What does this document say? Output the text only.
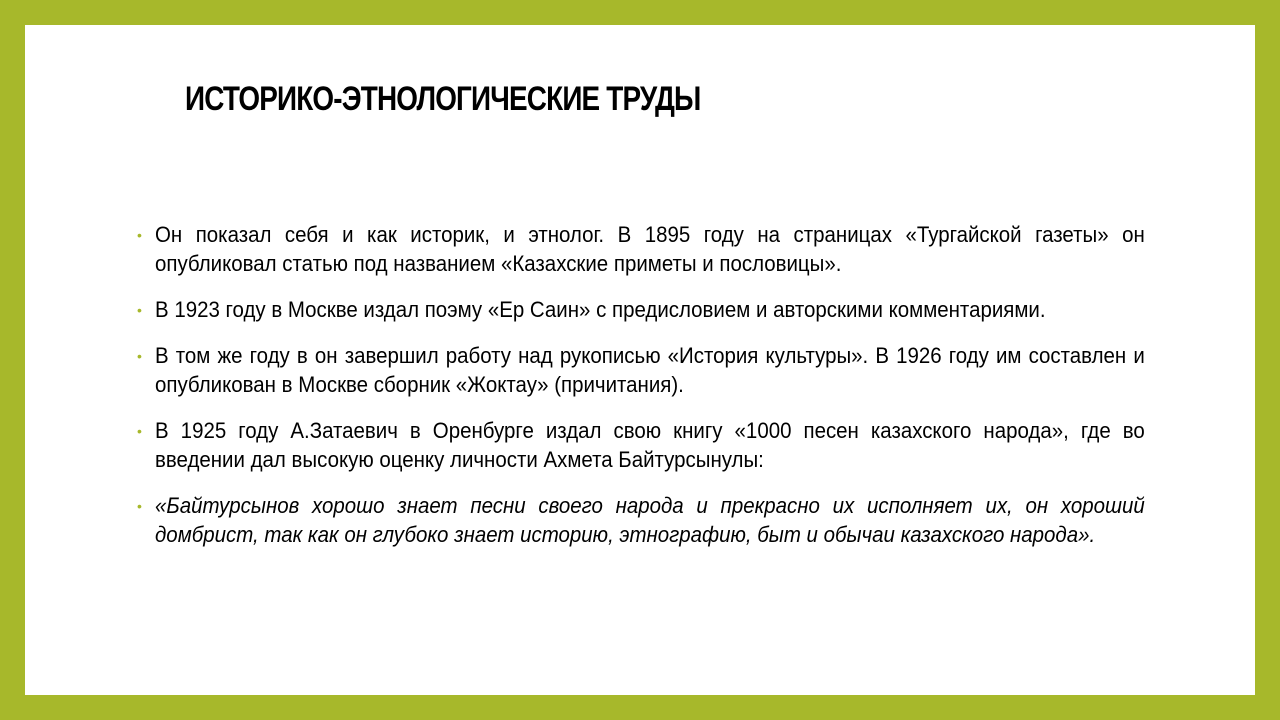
ИСТОРИКО-ЭТНОЛОГИЧЕСКИЕ ТРУДЫ
• Он показал себя и как историк, и этнолог. В 1895 году на страницах «Тургайской газеты» он опубликовал статью под названием «Казахские приметы и пословицы».
• В 1923 году в Москве издал поэму «Ер Саин» с предисловием и авторскими комментариями.
• В том же году в он завершил работу над рукописью «История культуры». В 1926 году им составлен и опубликован в Москве сборник «Жоктау» (причитания).
• В 1925 году А.Затаевич в Оренбурге издал свою книгу «1000 песен казахского народа», где во введении дал высокую оценку личности Ахмета Байтурсынулы:
• «Байтурсынов хорошо знает песни своего народа и прекрасно их исполняет их, он хороший домбрист, так как он глубоко знает историю, этнографию, быт и обычаи казахского народа».
